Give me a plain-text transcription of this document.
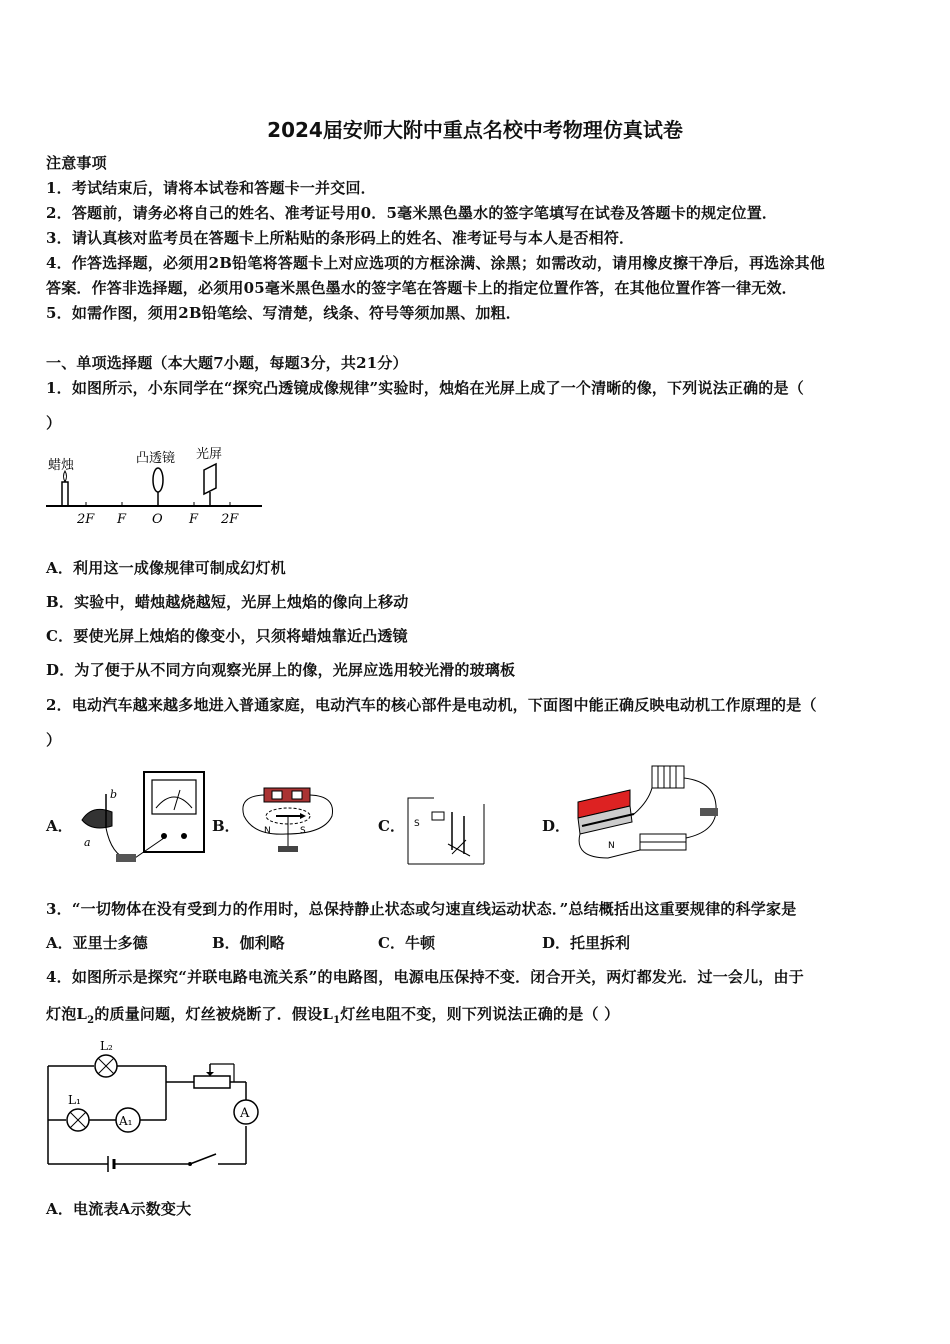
2024届安师大附中重点名校中考物理仿真试卷
注意事项
1．考试结束后，请将本试卷和答题卡一并交回．
2．答题前，请务必将自己的姓名、准考证号用0．5毫米黑色墨水的签字笔填写在试卷及答题卡的规定位置．
3．请认真核对监考员在答题卡上所粘贴的条形码上的姓名、准考证号与本人是否相符．
4．作答选择题，必须用2B铅笔将答题卡上对应选项的方框涂满、涂黑；如需改动，请用橡皮擦干净后，再选涂其他
答案．作答非选择题，必须用05毫米黑色墨水的签字笔在答题卡上的指定位置作答，在其他位置作答一律无效．
5．如需作图，须用2B铅笔绘、写清楚，线条、符号等须加黑、加粗．
一、单项选择题（本大题7小题，每题3分，共21分）
1．如图所示，小东同学在“探究凸透镜成像规律”实验时，烛焰在光屏上成了一个清晰的像，下列说法正确的是（
）
蜡烛	凸透镜 光屏
2F F O F 2F
A．利用这一成像规律可制成幻灯机
B．实验中，蜡烛越烧越短，光屏上烛焰的像向上移动
C．要使光屏上烛焰的像变小，只须将蜡烛靠近凸透镜
D．为了便于从不同方向观察光屏上的像，光屏应选用较光滑的玻璃板
2．电动汽车越来越多地进入普通家庭，电动汽车的核心部件是电动机，下面图中能正确反映电动机工作原理的是（
）
A．
b
a
B．	N	S	C． S	D．
N
3．“一切物体在没有受到力的作用时，总保持静止状态或匀速直线运动状态．”总结概括出这重要规律的科学家是
A．亚里士多德	B．伽利略	C．牛顿	D．托里拆利
4．如图所示是探究“并联电路电流关系”的电路图，电源电压保持不变．闭合开关，两灯都发光．过一会儿，由于
灯泡$L_2$的质量问题，灯丝被烧断了．假设$L_1$灯丝电阻不变，则下列说法正确的是（ ）
A
L₂
L₁
A₁
A．电流表A示数变大
